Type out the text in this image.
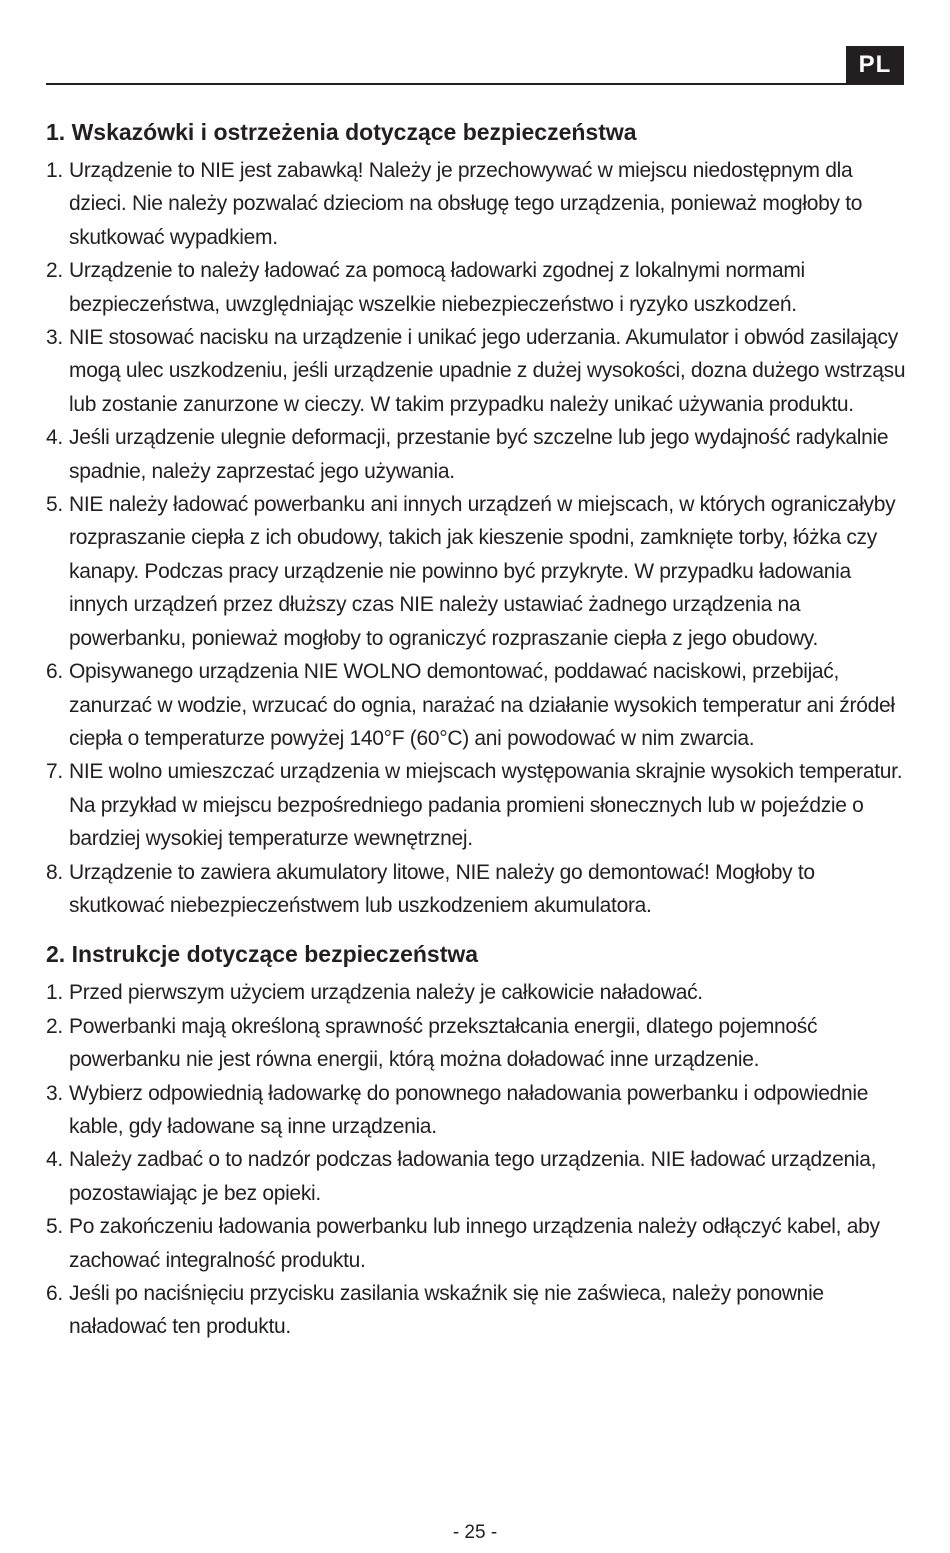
PL
1. Wskazówki i ostrzeżenia dotyczące bezpieczeństwa
1. Urządzenie to NIE jest zabawką! Należy je przechowywać w miejscu niedostępnym dla dzieci. Nie należy pozwalać dzieciom na obsługę tego urządzenia, ponieważ mogłoby to skutkować wypadkiem.
2. Urządzenie to należy ładować za pomocą ładowarki zgodnej z lokalnymi normami bezpieczeństwa, uwzględniając wszelkie niebezpieczeństwo i ryzyko uszkodzeń.
3. NIE stosować nacisku na urządzenie i unikać jego uderzania. Akumulator i obwód zasilający mogą ulec uszkodzeniu, jeśli urządzenie upadnie z dużej wysokości, dozna dużego wstrząsu lub zostanie zanurzone w cieczy. W takim przypadku należy unikać używania produktu.
4. Jeśli urządzenie ulegnie deformacji, przestanie być szczelne lub jego wydajność radykalnie spadnie, należy zaprzestać jego używania.
5. NIE należy ładować powerbanku ani innych urządzeń w miejscach, w których ograniczałyby rozpraszanie ciepła z ich obudowy, takich jak kieszenie spodni, zamknięte torby, łóżka czy kanapy. Podczas pracy urządzenie nie powinno być przykryte. W przypadku ładowania innych urządzeń przez dłuższy czas NIE należy ustawiać żadnego urządzenia na powerbanku, ponieważ mogłoby to ograniczyć rozpraszanie ciepła z jego obudowy.
6. Opisywanego urządzenia NIE WOLNO demontować, poddawać naciskowi, przebijać, zanurzać w wodzie, wrzucać do ognia, narażać na działanie wysokich temperatur ani źródeł ciepła o temperaturze powyżej 140°F (60°C) ani powodować w nim zwarcia.
7. NIE wolno umieszczać urządzenia w miejscach występowania skrajnie wysokich temperatur. Na przykład w miejscu bezpośredniego padania promieni słonecznych lub w pojeździe o bardziej wysokiej temperaturze wewnętrznej.
8. Urządzenie to zawiera akumulatory litowe, NIE należy go demontować! Mogłoby to skutkować niebezpieczeństwem lub uszkodzeniem akumulatora.
2. Instrukcje dotyczące bezpieczeństwa
1. Przed pierwszym użyciem urządzenia należy je całkowicie naładować.
2. Powerbanki mają określoną sprawność przekształcania energii, dlatego pojemność powerbanku nie jest równa energii, którą można doładować inne urządzenie.
3. Wybierz odpowiednią ładowarkę do ponownego naładowania powerbanku i odpowiednie kable, gdy ładowane są inne urządzenia.
4. Należy zadbać o to nadzór podczas ładowania tego urządzenia. NIE ładować urządzenia, pozostawiając je bez opieki.
5. Po zakończeniu ładowania powerbanku lub innego urządzenia należy odłączyć kabel, aby zachować integralność produktu.
6. Jeśli po naciśnięciu przycisku zasilania wskaźnik się nie zaświeca, należy ponownie naładować ten produktu.
- 25 -
